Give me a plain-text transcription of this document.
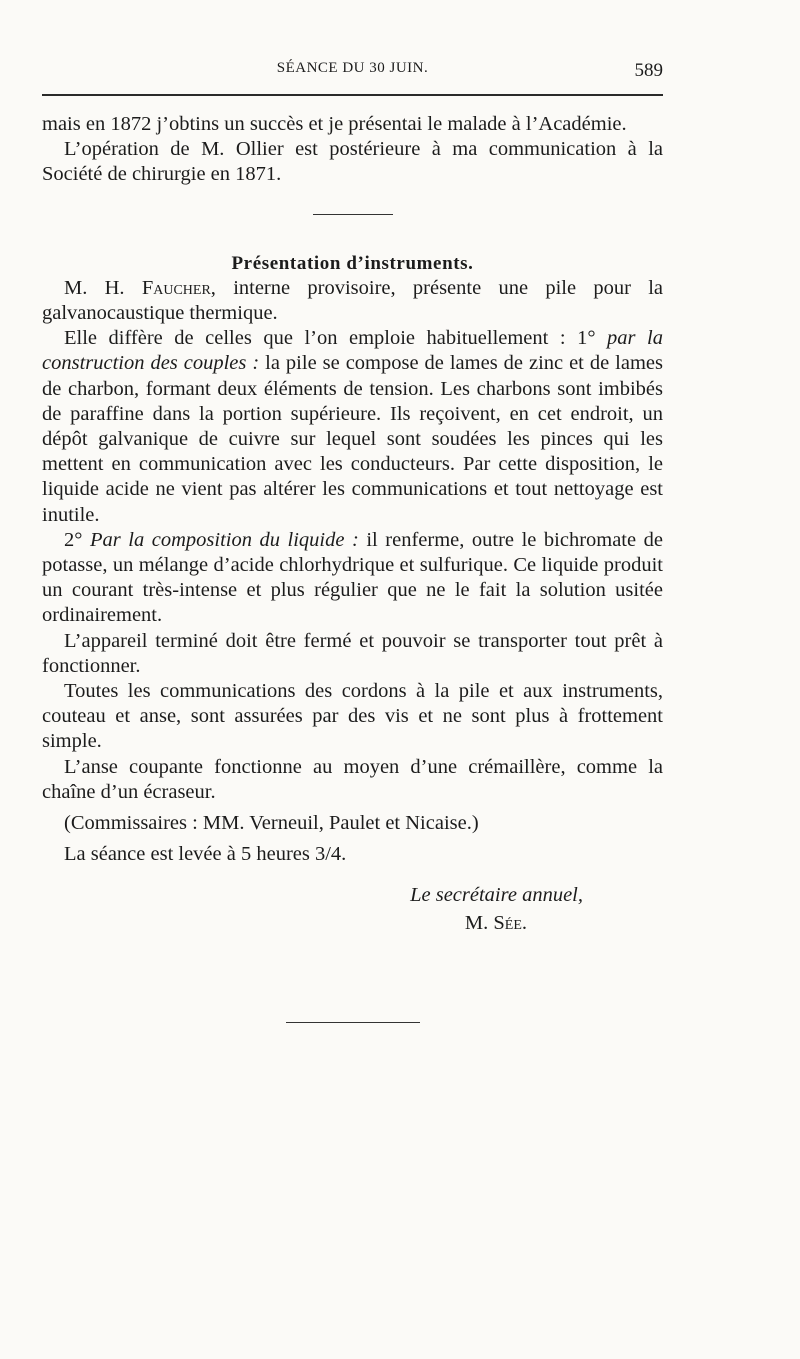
SÉANCE DU 30 JUIN.	589

mais en 1872 j’obtins un succès et je présentai le malade à l’Académie.

L’opération de M. Ollier est postérieure à ma communication à la Société de chirurgie en 1871.

Présentation d’instruments.

M. H. Faucher, interne provisoire, présente une pile pour la galvanocaustique thermique.

Elle diffère de celles que l’on emploie habituellement : 1° par la construction des couples : la pile se compose de lames de zinc et de lames de charbon, formant deux éléments de tension. Les charbons sont imbibés de paraffine dans la portion supérieure. Ils reçoivent, en cet endroit, un dépôt galvanique de cuivre sur lequel sont soudées les pinces qui les mettent en communication avec les conducteurs. Par cette disposition, le liquide acide ne vient pas altérer les communications et tout nettoyage est inutile.

2° Par la composition du liquide : il renferme, outre le bichromate de potasse, un mélange d’acide chlorhydrique et sulfurique. Ce liquide produit un courant très-intense et plus régulier que ne le fait la solution usitée ordinairement.

L’appareil terminé doit être fermé et pouvoir se transporter tout prêt à fonctionner.

Toutes les communications des cordons à la pile et aux instruments, couteau et anse, sont assurées par des vis et ne sont plus à frottement simple.

L’anse coupante fonctionne au moyen d’une crémaillère, comme la chaîne d’un écraseur.

(Commissaires : MM. Verneuil, Paulet et Nicaise.)

La séance est levée à 5 heures 3/4.

Le secrétaire annuel,
M. Sée.
